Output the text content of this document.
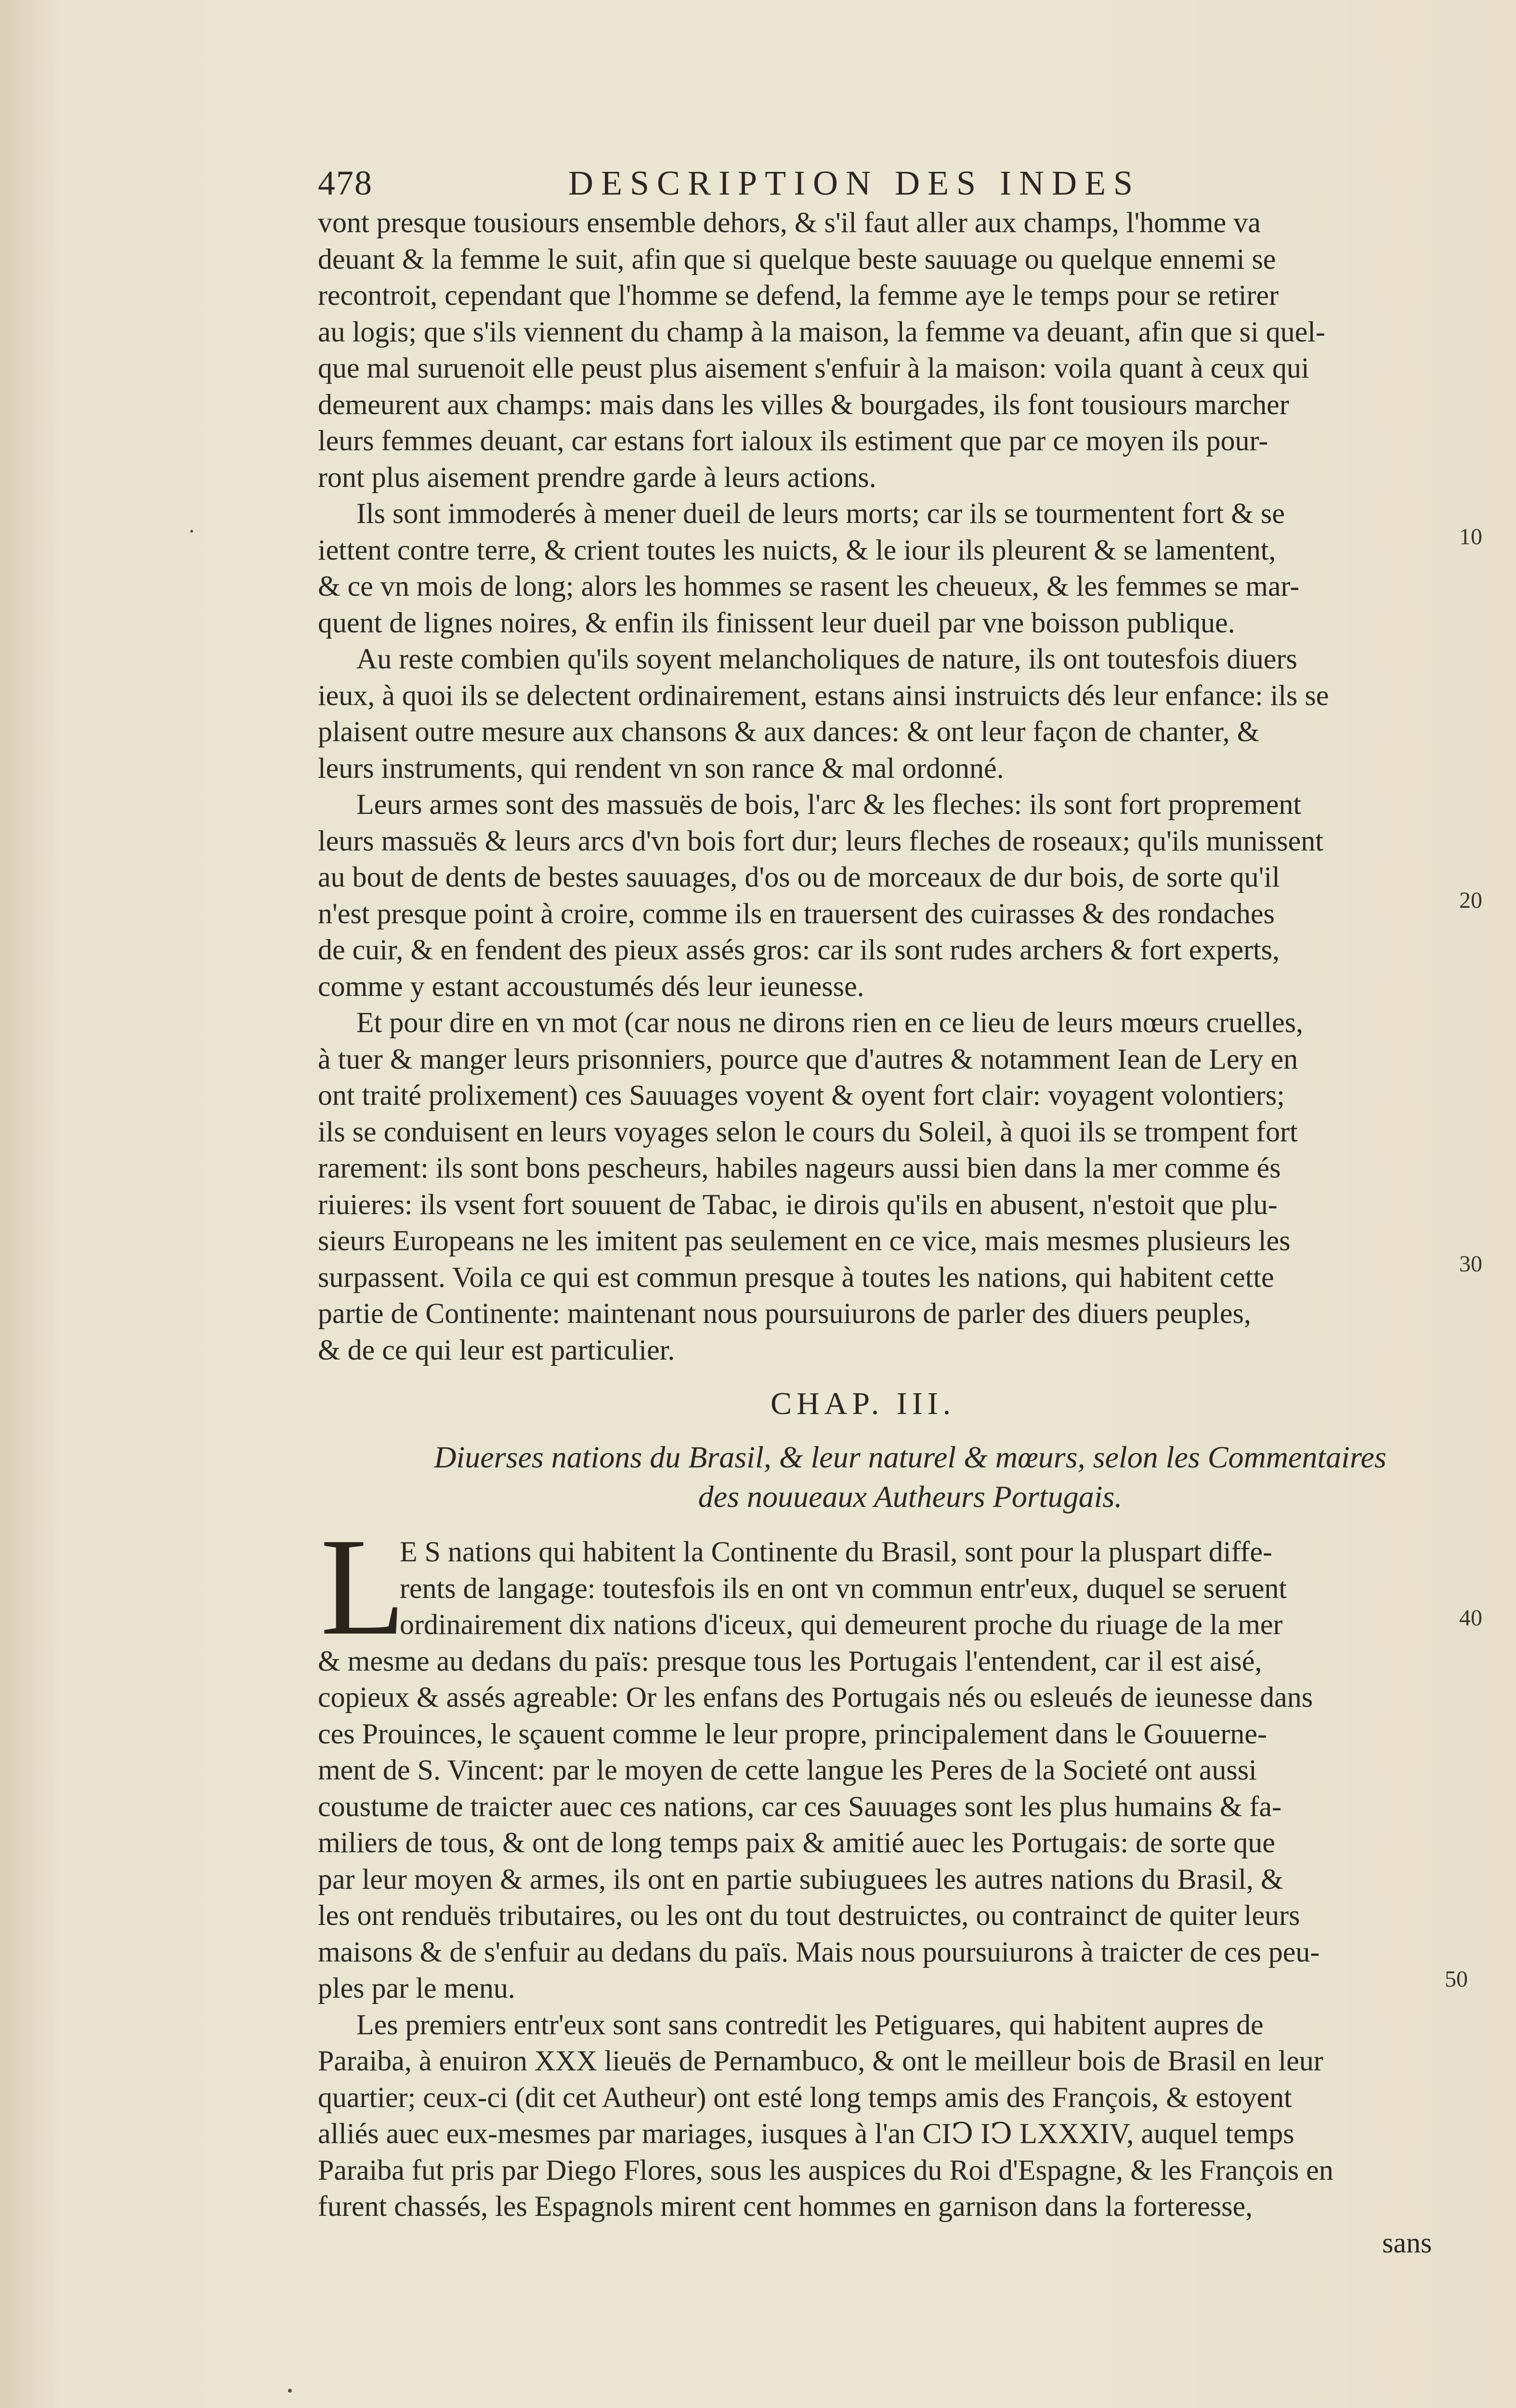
478	DESCRIPTION DES INDES
vont presque tousiours ensemble dehors, & s'il faut aller aux champs, l'homme va
deuant & la femme le suit, afin que si quelque beste sauuage ou quelque ennemi se
recontroit, cependant que l'homme se defend, la femme aye le temps pour se retirer
au logis; que s'ils viennent du champ à la maison, la femme va deuant, afin que si quel-
que mal suruenoit elle peust plus aisement s'enfuir à la maison: voila quant à ceux qui
demeurent aux champs: mais dans les villes & bourgades, ils font tousiours marcher
leurs femmes deuant, car estans fort ialoux ils estiment que par ce moyen ils pour-
ront plus aisement prendre garde à leurs actions.
Ils sont immoderés à mener dueil de leurs morts; car ils se tourmentent fort & se
iettent contre terre, & crient toutes les nuicts, & le iour ils pleurent & se lamentent,
& ce vn mois de long; alors les hommes se rasent les cheueux, & les femmes se mar-
quent de lignes noires, & enfin ils finissent leur dueil par vne boisson publique.
Au reste combien qu'ils soyent melancholiques de nature, ils ont toutesfois diuers
ieux, à quoi ils se delectent ordinairement, estans ainsi instruicts dés leur enfance: ils se
plaisent outre mesure aux chansons & aux dances: & ont leur façon de chanter, &
leurs instruments, qui rendent vn son rance & mal ordonné.
Leurs armes sont des massuës de bois, l'arc & les fleches: ils sont fort proprement
leurs massuës & leurs arcs d'vn bois fort dur; leurs fleches de roseaux; qu'ils munissent
au bout de dents de bestes sauuages, d'os ou de morceaux de dur bois, de sorte qu'il
n'est presque point à croire, comme ils en trauersent des cuirasses & des rondaches
de cuir, & en fendent des pieux assés gros: car ils sont rudes archers & fort experts,
comme y estant accoustumés dés leur ieunesse.
Et pour dire en vn mot (car nous ne dirons rien en ce lieu de leurs mœurs cruelles,
à tuer & manger leurs prisonniers, pource que d'autres & notamment Iean de Lery en
ont traité prolixement) ces Sauuages voyent & oyent fort clair: voyagent volontiers;
ils se conduisent en leurs voyages selon le cours du Soleil, à quoi ils se trompent fort
rarement: ils sont bons pescheurs, habiles nageurs aussi bien dans la mer comme és
riuieres: ils vsent fort souuent de Tabac, ie dirois qu'ils en abusent, n'estoit que plu-
sieurs Europeans ne les imitent pas seulement en ce vice, mais mesmes plusieurs les
surpassent. Voila ce qui est commun presque à toutes les nations, qui habitent cette
partie de Continente: maintenant nous poursuiurons de parler des diuers peuples,
& de ce qui leur est particulier.
10
20
30
40
50
CHAP. III.
Diuerses nations du Brasil, & leur naturel & mœurs, selon les Commentaires
des nouueaux Autheurs Portugais.
L
E S nations qui habitent la Continente du Brasil, sont pour la pluspart diffe-
rents de langage: toutesfois ils en ont vn commun entr'eux, duquel se seruent
ordinairement dix nations d'iceux, qui demeurent proche du riuage de la mer
& mesme au dedans du païs: presque tous les Portugais l'entendent, car il est aisé,
copieux & assés agreable: Or les enfans des Portugais nés ou esleués de ieunesse dans
ces Prouinces, le sçauent comme le leur propre, principalement dans le Gouuerne-
ment de S. Vincent: par le moyen de cette langue les Peres de la Societé ont aussi
coustume de traicter auec ces nations, car ces Sauuages sont les plus humains & fa-
miliers de tous, & ont de long temps paix & amitié auec les Portugais: de sorte que
par leur moyen & armes, ils ont en partie subiuguees les autres nations du Brasil, &
les ont renduës tributaires, ou les ont du tout destruictes, ou contrainct de quiter leurs
maisons & de s'enfuir au dedans du païs. Mais nous poursuiurons à traicter de ces peu-
ples par le menu.
Les premiers entr'eux sont sans contredit les Petiguares, qui habitent aupres de
Paraiba, à enuiron XXX lieuës de Pernambuco, & ont le meilleur bois de Brasil en leur
quartier; ceux-ci (dit cet Autheur) ont esté long temps amis des François, & estoyent
alliés auec eux-mesmes par mariages, iusques à l'an CIↃ IↃ LXXXIV, auquel temps
Paraiba fut pris par Diego Flores, sous les auspices du Roi d'Espagne, & les François en
furent chassés, les Espagnols mirent cent hommes en garnison dans la forteresse,
sans
